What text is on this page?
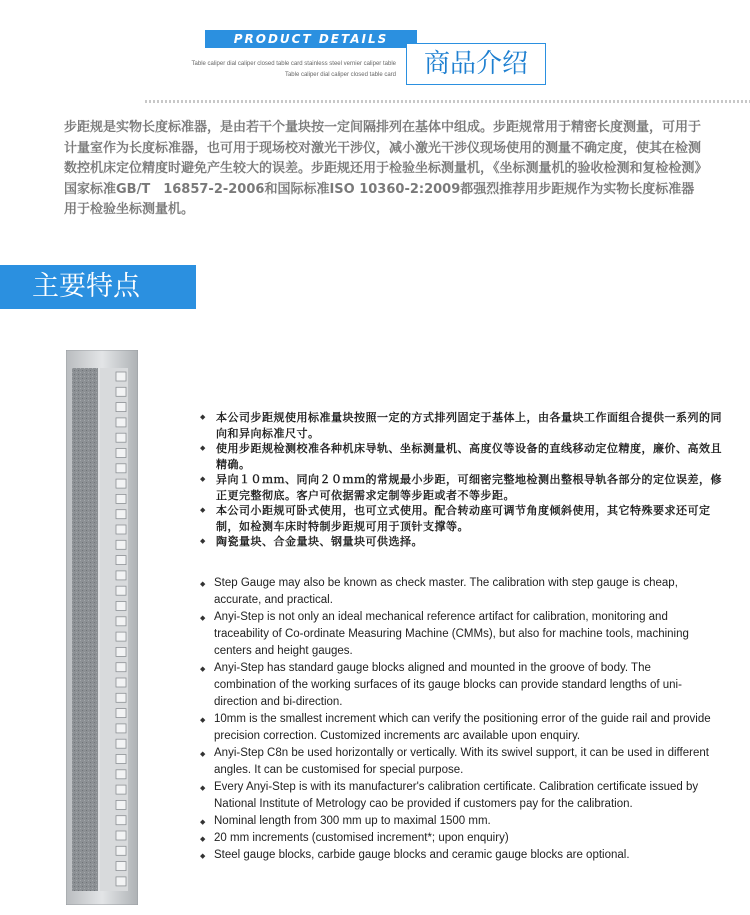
PRODUCT DETAILS
Table caliper dial caliper closed table card stainless steel vernier caliper table
Table caliper dial caliper closed table card	商品介绍
步距规是实物长度标准器，是由若干个量块按一定间隔排列在基体中组成。步距规常用于精密长度测量，可用于计量室作为长度标准器，也可用于现场校对激光干涉仪，减小激光干涉仪现场使用的测量不确定度，使其在检测数控机床定位精度时避免产生较大的误差。步距规还用于检验坐标测量机，《坐标测量机的验收检测和复检检测》国家标准GB/T　16857-2-2006和国际标准ISO 10360-2:2009都强烈推荐用步距规作为实物长度标准器用于检验坐标测量机。
主要特点
◆ 本公司步距规使用标准量块按照一定的方式排列固定于基体上，由各量块工作面组合提供一系列的同向和异向标准尺寸。
◆ 使用步距规检测校准各种机床导轨、坐标测量机、高度仪等设备的直线移动定位精度，廉价、高效且精确。
◆ 异向１０ｍｍ、同向２０ｍｍ的常规最小步距，可细密完整地检测出整根导轨各部分的定位误差，修正更完整彻底。客户可依据需求定制等步距或者不等步距。
◆ 本公司小距规可卧式使用，也可立式使用。配合转动座可调节角度倾斜使用，其它特殊要求还可定制，如检测车床时特制步距规可用于顶针支撑等。
◆ 陶瓷量块、合金量块、钢量块可供选择。
◆ Step Gauge may also be known as check master. The calibration with step gauge is cheap, accurate, and practical.
◆ Anyi-Step is not only an ideal mechanical reference artifact for calibration, monitoring and traceability of Co-ordinate Measuring Machine (CMMs), but also for machine tools, machining centers and height gauges.
◆ Anyi-Step has standard gauge blocks aligned and mounted in the groove of body. The combination of the working surfaces of its gauge blocks can provide standard lengths of uni-direction and bi-direction.
◆ 10mm is the smallest increment which can verify the positioning error of the guide rail and provide precision correction. Customized increments arc available upon enquiry.
◆ Anyi-Step C8n be used horizontally or vertically. With its swivel support, it can be used in different angles. It can be customised for special purpose.
◆ Every Anyi-Step is with its manufacturer's calibration certificate. Calibration certificate issued by National Institute of Metrology cao be provided if customers pay for the calibration.
◆ Nominal length from 300 mm up to maximal 1500 mm.
◆ 20 mm increments (customised increment*; upon enquiry)
◆ Steel gauge blocks, carbide gauge blocks and ceramic gauge blocks are optional.
